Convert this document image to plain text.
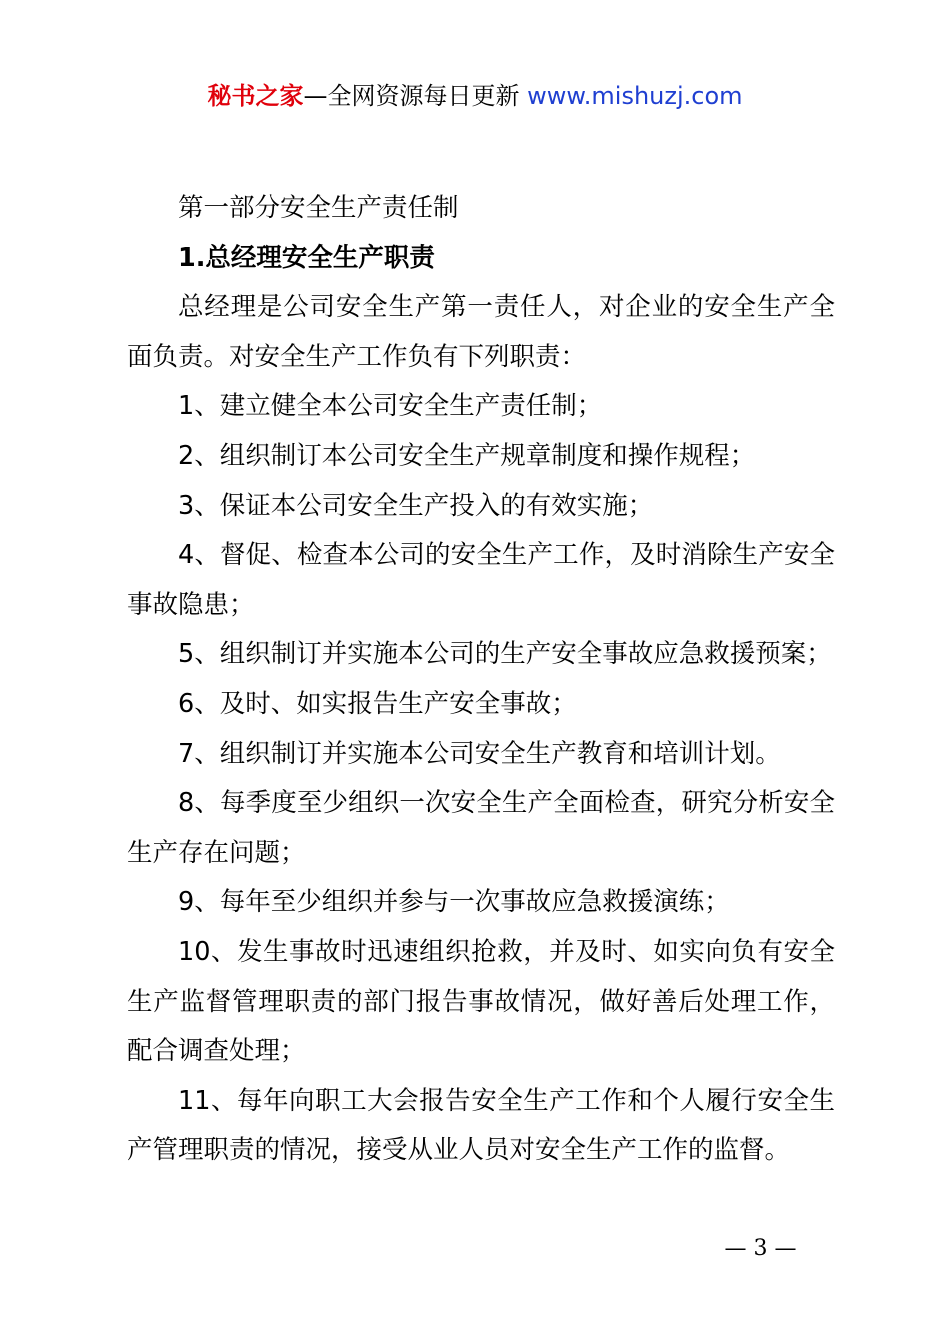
秘书之家—全网资源每日更新 www.mishuzj.com

第一部分安全生产责任制

1.总经理安全生产职责

总经理是公司安全生产第一责任人，对企业的安全生产全面负责。对安全生产工作负有下列职责：

1、建立健全本公司安全生产责任制；

2、组织制订本公司安全生产规章制度和操作规程；

3、保证本公司安全生产投入的有效实施；

4、督促、检查本公司的安全生产工作，及时消除生产安全事故隐患；

5、组织制订并实施本公司的生产安全事故应急救援预案；

6、及时、如实报告生产安全事故；

7、组织制订并实施本公司安全生产教育和培训计划。

8、每季度至少组织一次安全生产全面检查，研究分析安全生产存在问题；

9、每年至少组织并参与一次事故应急救援演练；

10、发生事故时迅速组织抢救，并及时、如实向负有安全生产监督管理职责的部门报告事故情况，做好善后处理工作，配合调查处理；

11、每年向职工大会报告安全生产工作和个人履行安全生产管理职责的情况，接受从业人员对安全生产工作的监督。

— 3 —
